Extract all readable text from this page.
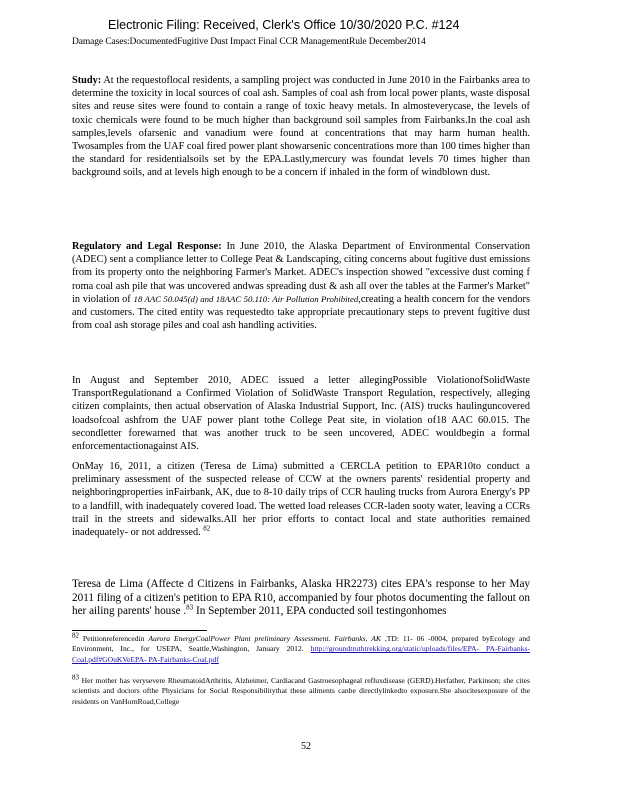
Electronic Filing: Received, Clerk's Office 10/30/2020 P.C. #124
Damage Cases:DocumentedFugitive Dust Impact Final CCR ManagementRule December2014

Study: At the requestoflocal residents, a sampling project was conducted in June 2010 in the Fairbanks area to determine the toxicity in local sources of coal ash. Samples of coal ash from local power plants, waste disposal sites and reuse sites were found to contain a range of toxic heavy metals. In almosteverycase, the levels of toxic chemicals were found to be much higher than background soil samples from Fairbanks.In the coal ash samples,levels ofarsenic and vanadium were found at concentrations that may harm human health. Twosamples from the UAF coal fired power plant showarsenic concentrations more than 100 times higher than the standard for residentialsoils set by the EPA.Lastly,mercury was foundat levels 70 times higher than background soils, and at levels high enough to be a concern if inhaled in the form of windblown dust.

Regulatory and Legal Response: In June 2010, the Alaska Department of Environmental Conservation (ADEC) sent a compliance letter to College Peat & Landscaping, citing concerns about fugitive dust emissions from its property onto the neighboring Farmer's Market. ADEC's inspection showed "excessive dust coming f roma coal ash pile that was uncovered andwas spreading dust & ash all over the tables at the Farmer's Market" in violation of 18 AAC 50.045(d) and 18AAC 50.110: Air Pollution Prohibited,creating a health concern for the vendors and customers. The cited entity was requestedto take appropriate precautionary steps to prevent fugitive dust from coal ash storage piles and coal ash handling activities.

In August and September 2010, ADEC issued a letter allegingPossible ViolationofSolidWaste TransportRegulationand a Confirmed Violation of SolidWaste Transport Regulation, respectively, alleging citizen complaints, then actual observation of Alaska Industrial Support, Inc. (AIS) trucks haulinguncovered loadsofcoal ashfrom the UAF power plant tothe College Peat site, in violation of18 AAC 60.015. The secondletter forewarned that was another truck to be seen uncovered, ADEC wouldbegin a formal enforcementactionagainst AIS.

OnMay 16, 2011, a citizen (Teresa de Lima) submitted a CERCLA petition to EPAR10to conduct a preliminary assessment of the suspected release of CCW at the owners parents' residential property and neighboringproperties inFairbank, AK, due to 8-10 daily trips of CCR hauling trucks from Aurora Energy's PP to a landfill, with inadequately covered load. The wetted load releases CCR-laden sooty water, leaving a CCRs trail in the streets and sidewalks.All her prior efforts to contact local and state authorities remained inadequately- or not addressed. $^{82}$

Teresa de Lima (Affecte d Citizens in Fairbanks, Alaska HR2273) cites EPA's response to her May 2011 filing of a citizen's petition to EPA R10, accompanied by four photos documenting the fallout on her ailing parents' house .$^{83}$ In September 2011, EPA conducted soil testingonhomes

82 Petitionreferencedin Aurora EnergyCoalPower Plant preliminary Assessment. Fairbanks, AK ,TD: 11- 06 -0004, prepared byEcology and Environment, Inc., for USEPA, Seattle,Washington, January 2012. http://groundtruthtrekking.org/static/uploads/files/EPA- PA-Fairbanks-Coal.pdf#GOuKVeEPA- PA-Fairbanks-Coal.pdf

83 Her mother has verysevere RheumatoidArthritis, Alzheimer, Cardiacand Gastroesophageal refluxdisease (GERD).Herfather, Parkinson; she cites scientists and doctors ofthe Physicians for Social Responsibilitythat these ailments canbe directlylinkedto exposure.She alsocitesexposure of the residents on VanHornRoad,College

52
